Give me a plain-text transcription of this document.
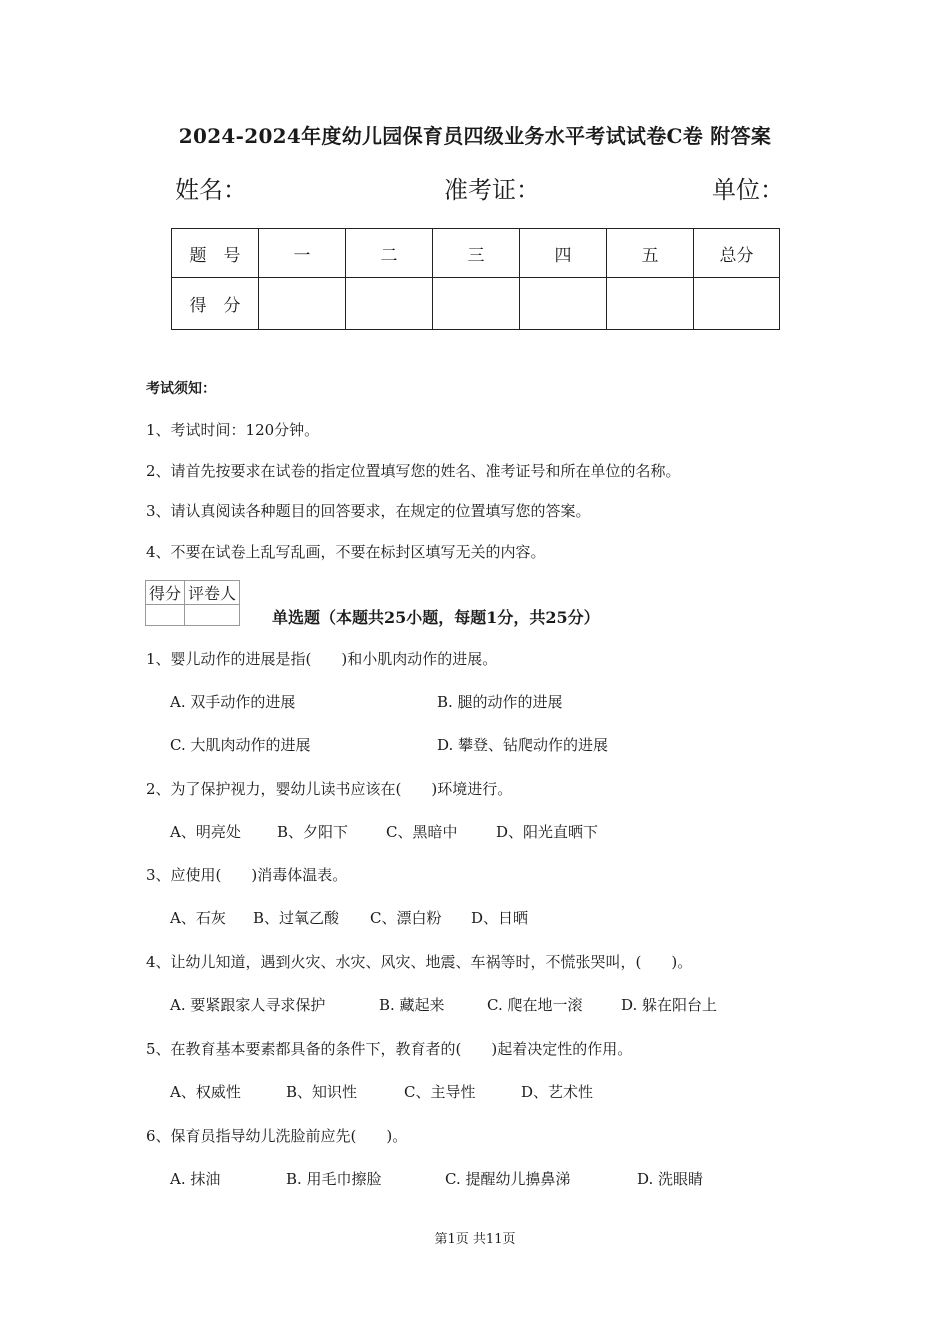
2024-2024年度幼儿园保育员四级业务水平考试试卷C卷 附答案
姓名：	准考证：	单位：
题　号	一	二	三	四	五	总分
得　分						
考试须知：
1、考试时间：120分钟。
2、请首先按要求在试卷的指定位置填写您的姓名、准考证号和所在单位的名称。
3、请认真阅读各种题目的回答要求，在规定的位置填写您的答案。
4、不要在试卷上乱写乱画，不要在标封区填写无关的内容。
得分	评卷人

单选题（本题共25小题，每题1分，共25分）
1、婴儿动作的进展是指(　　)和小肌肉动作的进展。
A. 双手动作的进展	B. 腿的动作的进展
C. 大肌肉动作的进展	D. 攀登、钻爬动作的进展
2、为了保护视力，婴幼儿读书应该在(　　)环境进行。
A、明亮处 B、夕阳下	C、黑暗中	D、阳光直晒下
3、应使用(　　)消毒体温表。
A、石灰 B、过氧乙酸 C、漂白粉 D、日晒
4、让幼儿知道，遇到火灾、水灾、风灾、地震、车祸等时，不慌张哭叫，(　　)。
A. 要紧跟家人寻求保护	B. 藏起来	C. 爬在地一滚	D. 躲在阳台上
5、在教育基本要素都具备的条件下，教育者的(　　)起着决定性的作用。
A、权威性	B、知识性	C、主导性	D、艺术性
6、保育员指导幼儿洗脸前应先(　　)。
A. 抹油	B. 用毛巾擦脸	C. 提醒幼儿擤鼻涕	D. 洗眼睛
第1页 共11页
